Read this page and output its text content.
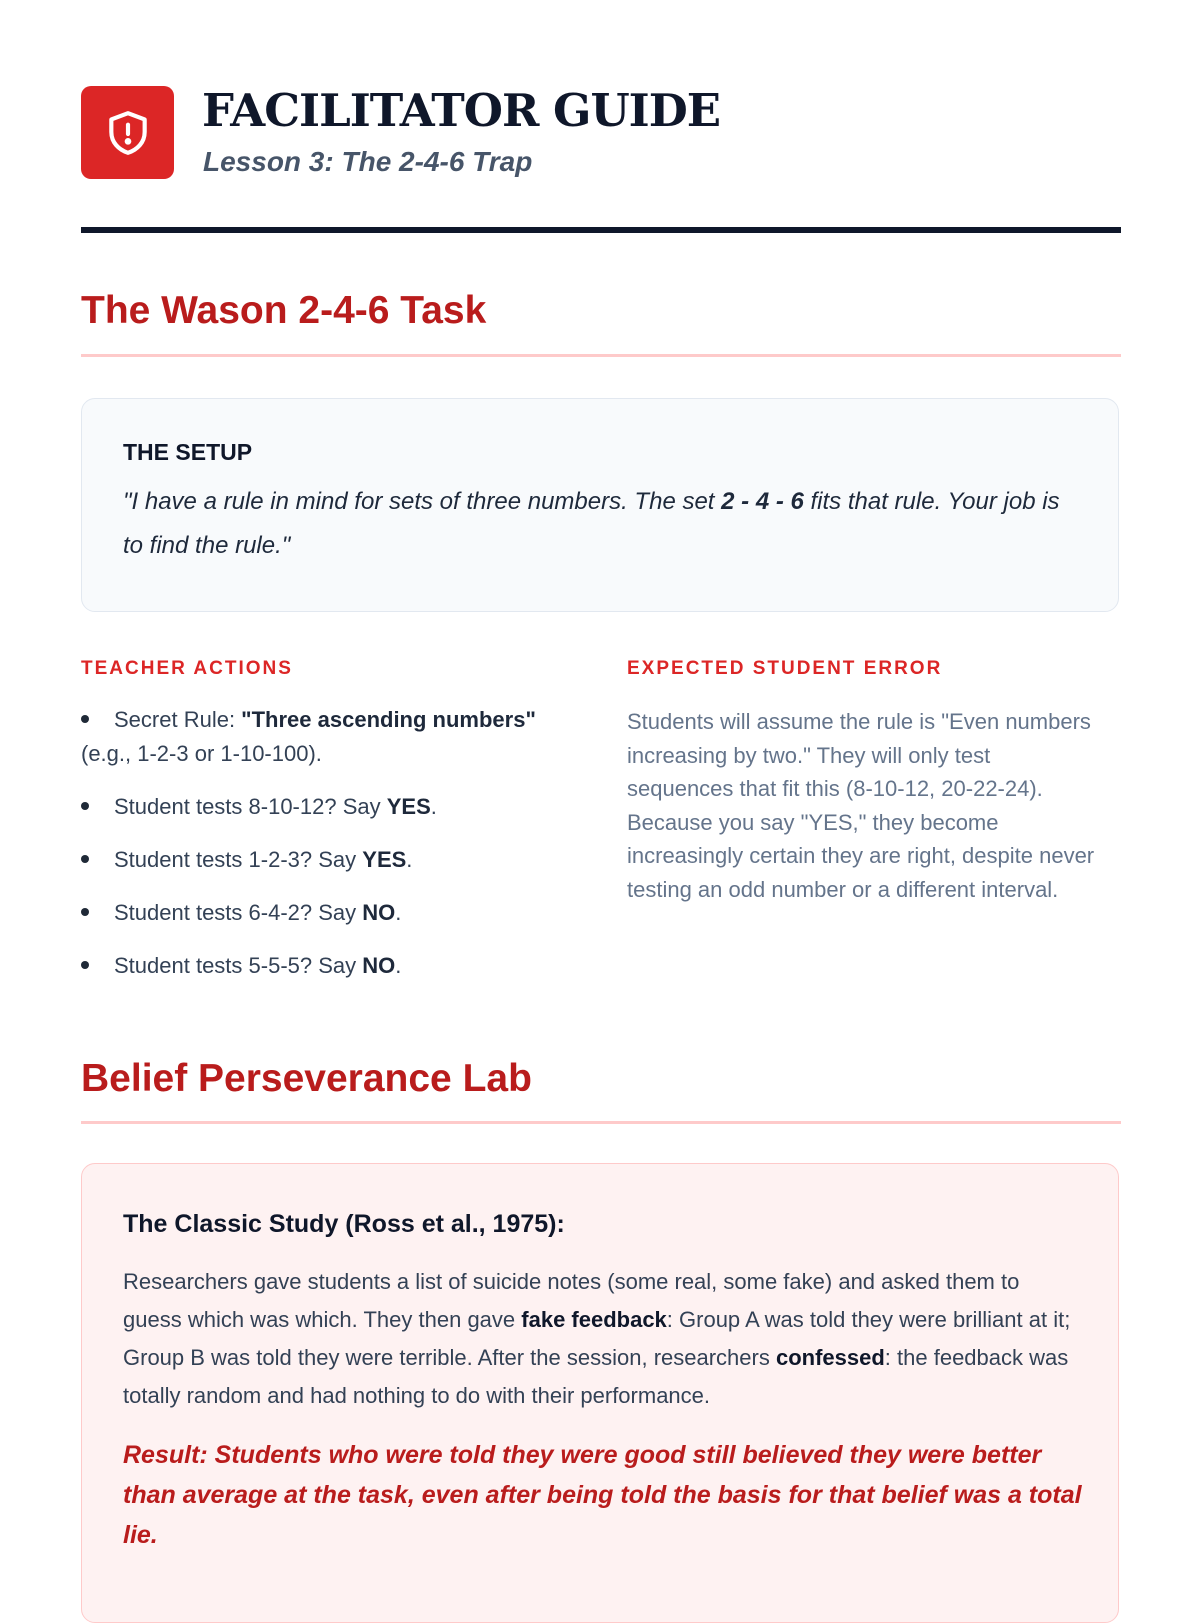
FACILITATOR GUIDE

Lesson 3: The 2-4-6 Trap

The Wason 2-4-6 Task

THE SETUP

"I have a rule in mind for sets of three numbers. The set 2 - 4 - 6 fits that rule. Your job is to find the rule."

TEACHER ACTIONS	EXPECTED STUDENT ERROR

Secret Rule: "Three ascending numbers" (e.g., 1-2-3 or 1-10-100).
Student tests 8-10-12? Say YES.
Student tests 1-2-3? Say YES.
Student tests 6-4-2? Say NO.
Student tests 5-5-5? Say NO.

Students will assume the rule is "Even numbers increasing by two." They will only test sequences that fit this (8-10-12, 20-22-24). Because you say "YES," they become increasingly certain they are right, despite never testing an odd number or a different interval.

Belief Perseverance Lab

The Classic Study (Ross et al., 1975):

Researchers gave students a list of suicide notes (some real, some fake) and asked them to guess which was which. They then gave fake feedback: Group A was told they were brilliant at it; Group B was told they were terrible. After the session, researchers confessed: the feedback was totally random and had nothing to do with their performance.

Result: Students who were told they were good still believed they were better than average at the task, even after being told the basis for that belief was a total lie.
